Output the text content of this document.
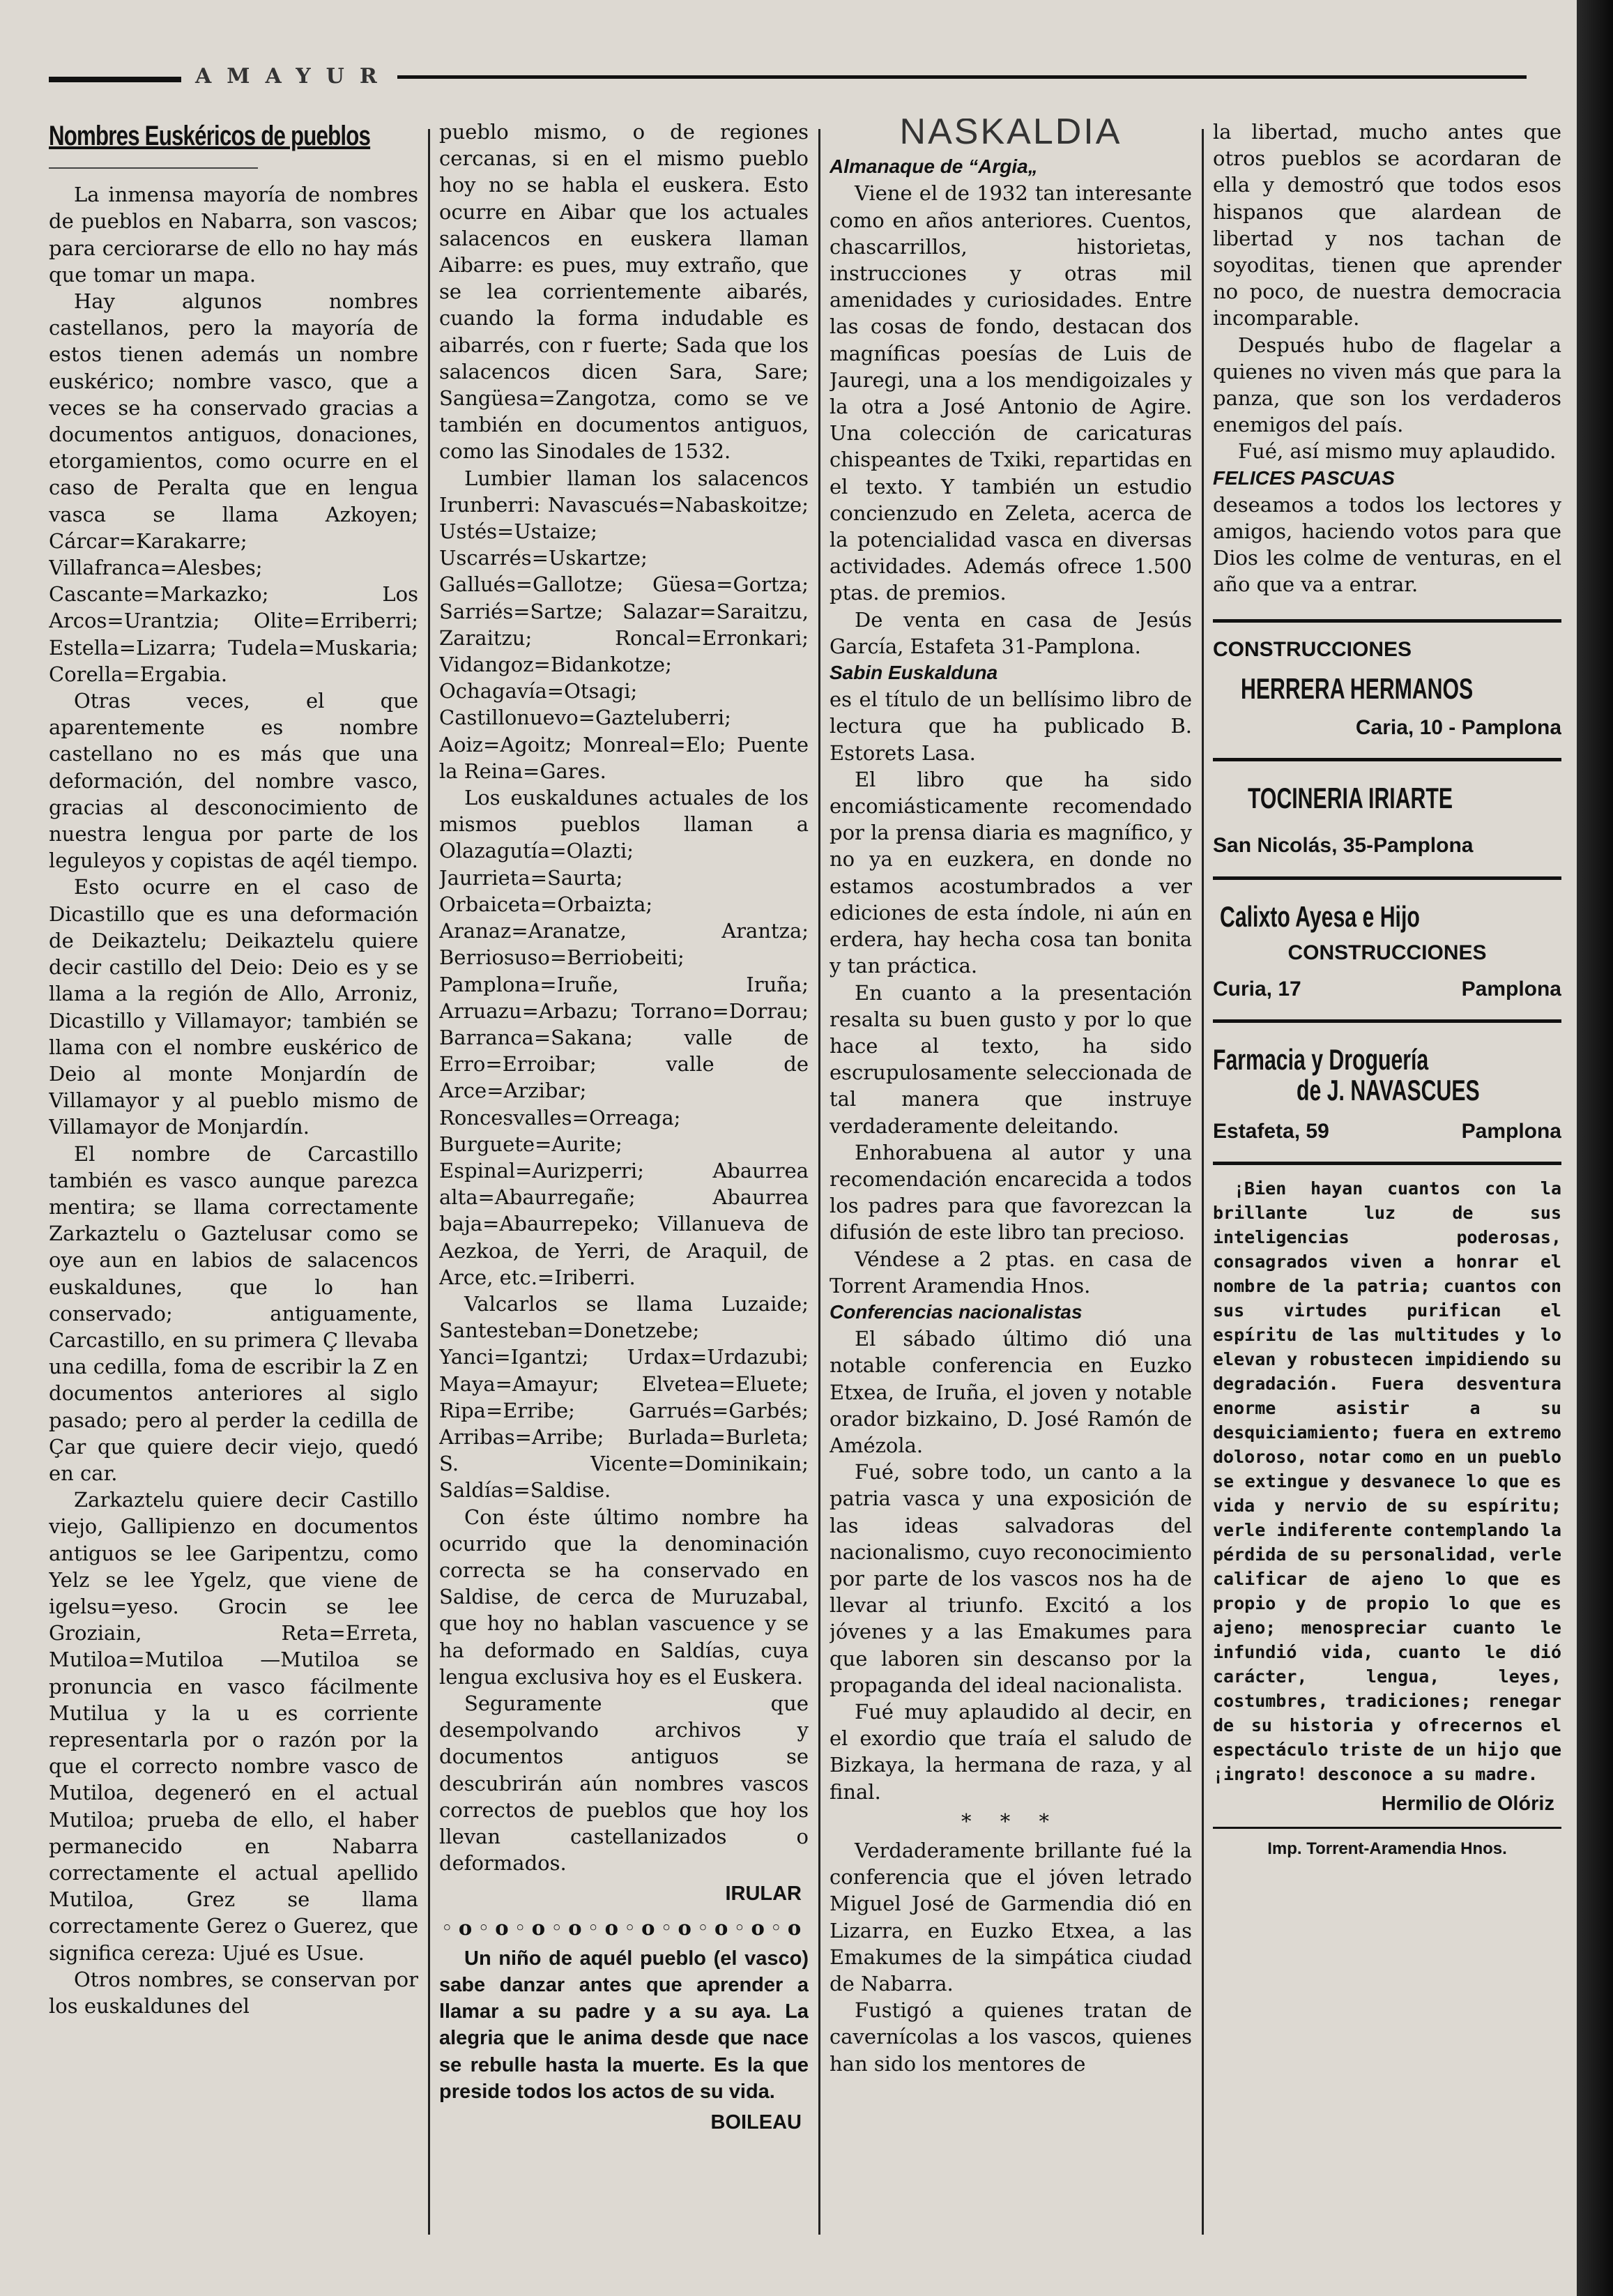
AMAYUR
Nombres Euskéricos de pueblos

La inmensa mayoría de nombres de pueblos en Nabarra, son vascos; para cerciorarse de ello no hay más que tomar un mapa.

Hay algunos nombres castellanos, pero la mayoría de estos tienen además un nombre euskérico; nombre vasco, que a veces se ha conservado gracias a documentos antiguos, donaciones, etorgamientos, como ocurre en el caso de Peralta que en lengua vasca se llama Azkoyen; Cárcar=Karakarre; Villafranca=Alesbes; Cascante=Markazko; Los Arcos=Urantzia; Olite=Erriberri; Estella=Lizarra; Tudela=Muskaria; Corella=Ergabia.

Otras veces, el que aparentemente es nombre castellano no es más que una deformación, del nombre vasco, gracias al desconocimiento de nuestra lengua por parte de los leguleyos y copistas de aqél tiempo.

Esto ocurre en el caso de Dicastillo que es una deformación de Deikaztelu; Deikaztelu quiere decir castillo del Deio: Deio es y se llama a la región de Allo, Arroniz, Dicastillo y Villamayor; también se llama con el nombre euskérico de Deio al monte Monjardín de Villamayor y al pueblo mismo de Villamayor de Monjardín.

El nombre de Carcastillo también es vasco aunque parezca mentira; se llama correctamente Zarkaztelu o Gaztelusar como se oye aun en labios de salacencos euskaldunes, que lo han conservado; antiguamente, Carcastillo, en su primera Ç llevaba una cedilla, foma de escribir la Z en documentos anteriores al siglo pasado; pero al perder la cedilla de Çar que quiere decir viejo, quedó en car.

Zarkaztelu quiere decir Castillo viejo, Gallipienzo en documentos antiguos se lee Garipentzu, como Yelz se lee Ygelz, que viene de igelsu=yeso. Grocin se lee Groziain, Reta=Erreta, Mutiloa=Mutiloa —Mutiloa se pronuncia en vasco fácilmente Mutilua y la u es corriente representarla por o razón por la que el correcto nombre vasco de Mutiloa, degeneró en el actual Mutiloa; prueba de ello, el haber permanecido en Nabarra correctamente el actual apellido Mutiloa, Grez se llama correctamente Gerez o Guerez, que significa cereza: Ujué es Usue.

Otros nombres, se conservan por los euskaldunes del

pueblo mismo, o de regiones cercanas, si en el mismo pueblo hoy no se habla el euskera. Esto ocurre en Aibar que los actuales salacencos en euskera llaman Aibarre: es pues, muy extraño, que se lea corrientemente aibarés, cuando la forma indudable es aibarrés, con r fuerte; Sada que los salacencos dicen Sara, Sare; Sangüesa=Zangotza, como se ve también en documentos antiguos, como las Sinodales de 1532.

Lumbier llaman los salacencos Irunberri: Navascués=Nabaskoitze; Ustés=Ustaize; Uscarrés=Uskartze; Gallués=Gallotze; Güesa=Gortza; Sarriés=Sartze; Salazar=Saraitzu, Zaraitzu; Roncal=Erronkari; Vidangoz=Bidankotze; Ochagavía=Otsagi; Castillonuevo=Gazteluberri; Aoiz=Agoitz; Monreal=Elo; Puente la Reina=Gares.

Los euskaldunes actuales de los mismos pueblos llaman a Olazagutía=Olazti; Jaurrieta=Saurta; Orbaiceta=Orbaizta; Aranaz=Aranatze, Arantza; Berriosuso=Berriobeiti; Pamplona=Iruñe, Iruña; Arruazu=Arbazu; Torrano=Dorrau; Barranca=Sakana; valle de Erro=Erroibar; valle de Arce=Arzibar; Roncesvalles=Orreaga; Burguete=Aurite; Espinal=Aurizperri; Abaurrea alta=Abaurregañe; Abaurrea baja=Abaurrepeko; Villanueva de Aezkoa, de Yerri, de Araquil, de Arce, etc.=Iriberri.

Valcarlos se llama Luzaide; Santesteban=Donetzebe; Yanci=Igantzi; Urdax=Urdazubi; Maya=Amayur; Elvetea=Eluete; Ripa=Erribe; Garrués=Garbés; Arribas=Arribe; Burlada=Burleta; S. Vicente=Dominikain; Saldías=Saldise.

Con éste último nombre ha ocurrido que la denominación correcta se ha conservado en Saldise, de cerca de Muruzabal, que hoy no hablan vascuence y se ha deformado en Saldías, cuya lengua exclusiva hoy es el Euskera.

Seguramente que desempolvando archivos y documentos antiguos se descubrirán aún nombres vascos correctos de pueblos que hoy los llevan castellanizados o deformados.

IRULAR
◦o◦o◦o◦o◦o◦o◦o◦o◦o◦o

Un niño de aquél pueblo (el vasco) sabe danzar antes que aprender a llamar a su padre y a su aya. La alegria que le anima desde que nace se rebulle hasta la muerte. Es la que preside todos los actos de su vida.

BOILEAU
NASKALDIA
Almanaque de “Argia„

Viene el de 1932 tan interesante como en años anteriores. Cuentos, chascarrillos, historietas, instrucciones y otras mil amenidades y curiosidades. Entre las cosas de fondo, destacan dos magníficas poesías de Luis de Jauregi, una a los mendigoizales y la otra a José Antonio de Agire. Una colección de caricaturas chispeantes de Txiki, repartidas en el texto. Y también un estudio concienzudo en Zeleta, acerca de la potencialidad vasca en diversas actividades. Además ofrece 1.500 ptas. de premios.

De venta en casa de Jesús García, Estafeta 31-Pamplona.

Sabin Euskalduna

es el título de un bellísimo libro de lectura que ha publicado B. Estorets Lasa.

El libro que ha sido encomiásticamente recomendado por la prensa diaria es magnífico, y no ya en euzkera, en donde no estamos acostumbrados a ver ediciones de esta índole, ni aún en erdera, hay hecha cosa tan bonita y tan práctica.

En cuanto a la presentación resalta su buen gusto y por lo que hace al texto, ha sido escrupulosamente seleccionada de tal manera que instruye verdaderamente deleitando.

Enhorabuena al autor y una recomendación encarecida a todos los padres para que favorezcan la difusión de este libro tan precioso.

Véndese a 2 ptas. en casa de Torrent Aramendia Hnos.

Conferencias nacionalistas

El sábado último dió una notable conferencia en Euzko Etxea, de Iruña, el joven y notable orador bizkaino, D. José Ramón de Amézola.

Fué, sobre todo, un canto a la patria vasca y una exposición de las ideas salvadoras del nacionalismo, cuyo reconocimiento por parte de los vascos nos ha de llevar al triunfo. Excitó a los jóvenes y a las Emakumes para que laboren sin descanso por la propaganda del ideal nacionalista.

Fué muy aplaudido al decir, en el exordio que traía el saludo de Bizkaya, la hermana de raza, y al final.

* * *

Verdaderamente brillante fué la conferencia que el jóven letrado Miguel José de Garmendia dió en Lizarra, en Euzko Etxea, a las Emakumes de la simpática ciudad de Nabarra.

Fustigó a quienes tratan de cavernícolas a los vascos, quienes han sido los mentores de

la libertad, mucho antes que otros pueblos se acordaran de ella y demostró que todos esos hispanos que alardean de libertad y nos tachan de soyoditas, tienen que aprender no poco, de nuestra democracia incomparable.

Después hubo de flagelar a quienes no viven más que para la panza, que son los verdaderos enemigos del país.

Fué, así mismo muy aplaudido.

FELICES PASCUAS

deseamos a todos los lectores y amigos, haciendo votos para que Dios les colme de venturas, en el año que va a entrar.

CONSTRUCCIONES
HERRERA HERMANOS
Caria, 10 - Pamplona
TOCINERIA IRIARTE
San Nicolás, 35-Pamplona
Calixto Ayesa e Hijo
CONSTRUCCIONES
Curia, 17	Pamplona
Farmacia y Droguería
de J. NAVASCUES
Estafeta, 59	Pamplona

¡Bien hayan cuantos con la brillante luz de sus inteligencias poderosas, consagrados viven a honrar el nombre de la patria; cuantos con sus virtudes purifican el espíritu de las multitudes y lo elevan y robustecen impidiendo su degradación. Fuera desventura enorme asistir a su desquiciamiento; fuera en extremo doloroso, notar como en un pueblo se extingue y desvanece lo que es vida y nervio de su espíritu; verle indiferente contemplando la pérdida de su personalidad, verle calificar de ajeno lo que es propio y de propio lo que es ajeno; menospreciar cuanto le infundió vida, cuanto le dió carácter, lengua, leyes, costumbres, tradiciones; renegar de su historia y ofrecernos el espectáculo triste de un hijo que ¡ingrato! desconoce a su madre.

Hermilio de Olóriz
Imp. Torrent-Aramendia Hnos.
